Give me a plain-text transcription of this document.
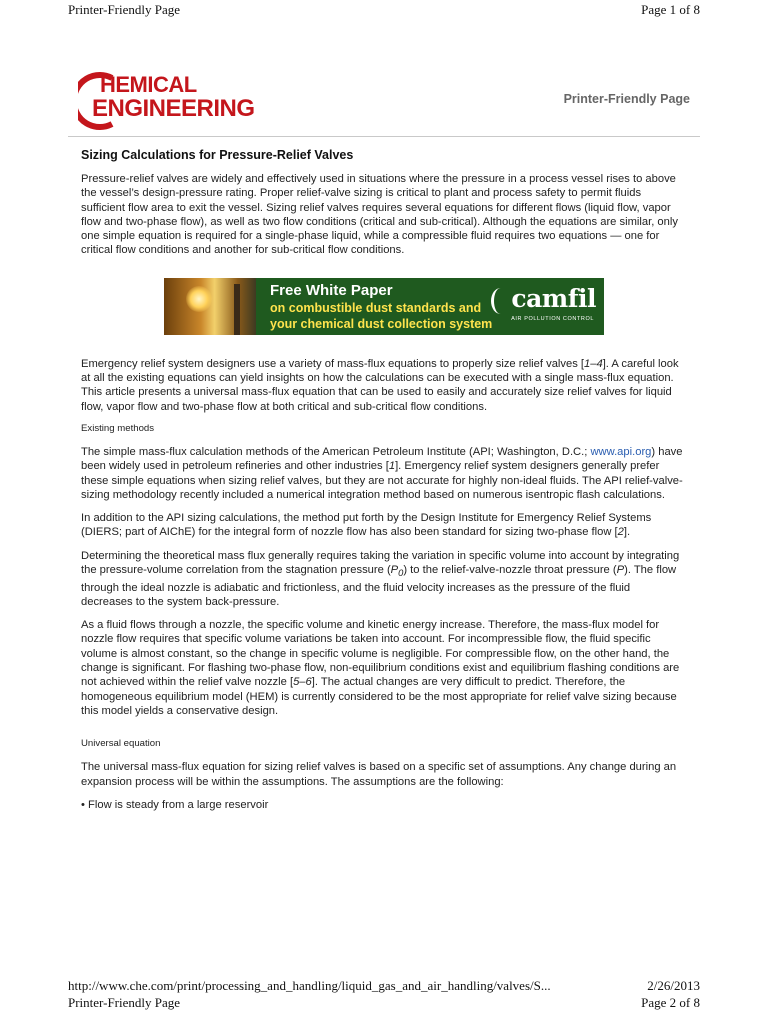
Printer-Friendly Page	Page 1 of 8
HEMICAL
ENGINEERING	Printer-Friendly Page
Sizing Calculations for Pressure-Relief Valves

Pressure-relief valves are widely and effectively used in situations where the pressure in a process vessel rises to above the vessel’s design-pressure rating. Proper relief-valve sizing is critical to plant and process safety to permit fluids sufficient flow area to exit the vessel. Sizing relief valves requires several equations for different flows (liquid flow, vapor flow and two-phase flow), as well as two flow conditions (critical and sub-critical). Although the equations are similar, only one simple equation is required for a single-phase liquid, while a compressible fluid requires two equations — one for critical flow conditions and another for sub-critical flow conditions.

Free White Paper
on combustible dust standards and
your chemical dust collection system
camfil
AIR POLLUTION CONTROL

Emergency relief system designers use a variety of mass-flux equations to properly size relief valves [1–4]. A careful look at all the existing equations can yield insights on how the calculations can be executed with a single mass-flux equation. This article presents a universal mass-flux equation that can be used to easily and accurately size relief valves for liquid flow, vapor flow and two-phase flow at both critical and sub-critical flow conditions.

Existing methods

The simple mass-flux calculation methods of the American Petroleum Institute (API; Washington, D.C.; www.api.org) have been widely used in petroleum refineries and other industries [1]. Emergency relief system designers generally prefer these simple equations when sizing relief valves, but they are not accurate for highly non-ideal fluids. The API relief-valve-sizing methodology recently included a numerical integration method based on numerous isentropic flash calculations.

In addition to the API sizing calculations, the method put forth by the Design Institute for Emergency Relief Systems (DIERS; part of AIChE) for the integral form of nozzle flow has also been standard for sizing two-phase flow [2].

Determining the theoretical mass flux generally requires taking the variation in specific volume into account by integrating the pressure-volume correlation from the stagnation pressure $(P_0)$ to the relief-valve-nozzle throat pressure (P). The flow through the ideal nozzle is adiabatic and frictionless, and the fluid velocity increases as the pressure of the fluid decreases to the system back-pressure.

As a fluid flows through a nozzle, the specific volume and kinetic energy increase. Therefore, the mass-flux model for nozzle flow requires that specific volume variations be taken into account. For incompressible flow, the fluid specific volume is almost constant, so the change in specific volume is negligible. For compressible flow, on the other hand, the change is significant. For flashing two-phase flow, non-equilibrium conditions exist and equilibrium flashing conditions are not achieved within the relief valve nozzle [5–6]. The actual changes are very difficult to predict. Therefore, the homogeneous equilibrium model (HEM) is currently considered to be the most appropriate for relief valve sizing because this model yields a conservative design.

Universal equation

The universal mass-flux equation for sizing relief valves is based on a specific set of assumptions. Any change during an expansion process will be within the assumptions. The assumptions are the following:

• Flow is steady from a large reservoir

http://www.che.com/print/processing_and_handling/liquid_gas_and_air_handling/valves/S...	2/26/2013
Printer-Friendly Page	Page 2 of 8
